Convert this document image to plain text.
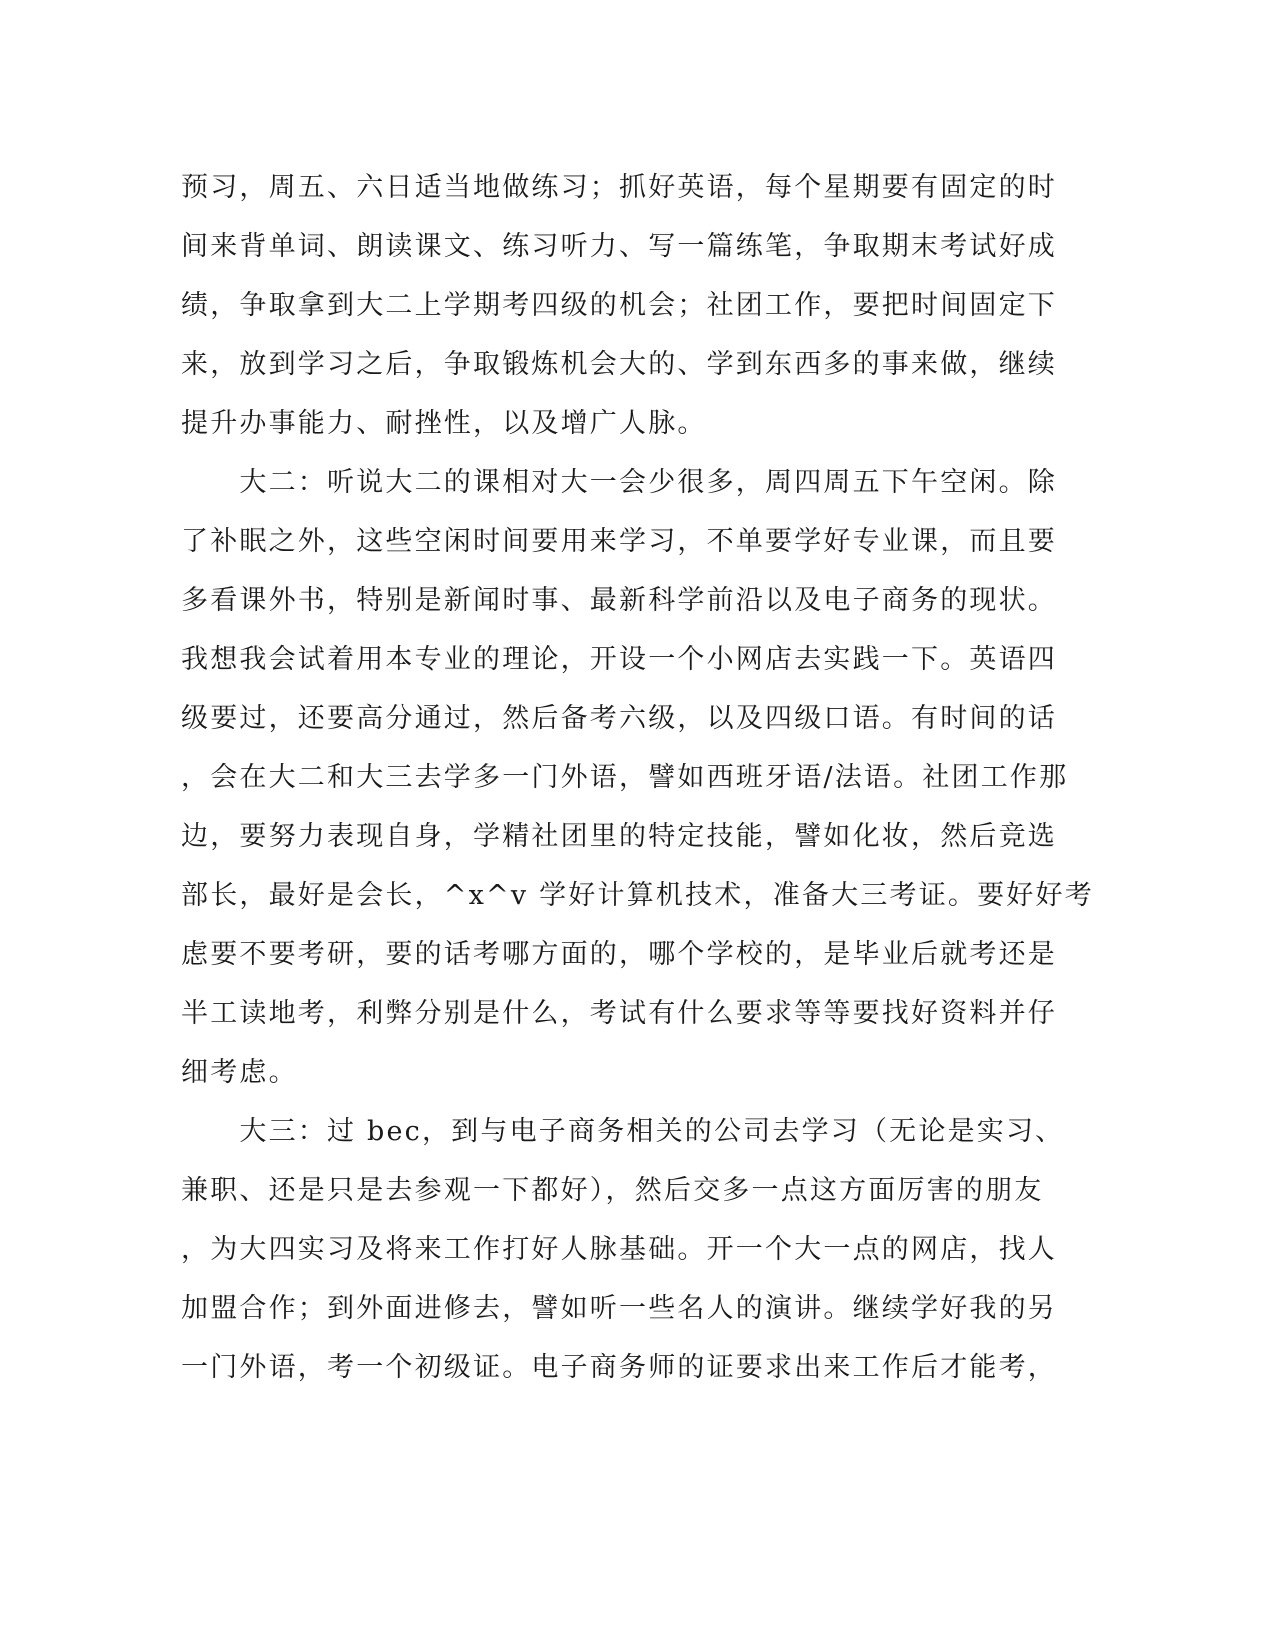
预习，周五、六日适当地做练习；抓好英语，每个星期要有固定的时
间来背单词、朗读课文、练习听力、写一篇练笔，争取期末考试好成
绩，争取拿到大二上学期考四级的机会；社团工作，要把时间固定下
来，放到学习之后，争取锻炼机会大的、学到东西多的事来做，继续
提升办事能力、耐挫性，以及增广人脉。
　　大二：听说大二的课相对大一会少很多，周四周五下午空闲。除
了补眠之外，这些空闲时间要用来学习，不单要学好专业课，而且要
多看课外书，特别是新闻时事、最新科学前沿以及电子商务的现状。
我想我会试着用本专业的理论，开设一个小网店去实践一下。英语四
级要过，还要高分通过，然后备考六级，以及四级口语。有时间的话
，会在大二和大三去学多一门外语，譬如西班牙语/法语。社团工作那
边，要努力表现自身，学精社团里的特定技能，譬如化妆，然后竞选
部长，最好是会长，^x^v 学好计算机技术，准备大三考证。要好好考
虑要不要考研，要的话考哪方面的，哪个学校的，是毕业后就考还是
半工读地考，利弊分别是什么，考试有什么要求等等要找好资料并仔
细考虑。
　　大三：过 bec，到与电子商务相关的公司去学习（无论是实习、
兼职、还是只是去参观一下都好），然后交多一点这方面厉害的朋友
，为大四实习及将来工作打好人脉基础。开一个大一点的网店，找人
加盟合作；到外面进修去，譬如听一些名人的演讲。继续学好我的另
一门外语，考一个初级证。电子商务师的证要求出来工作后才能考，
